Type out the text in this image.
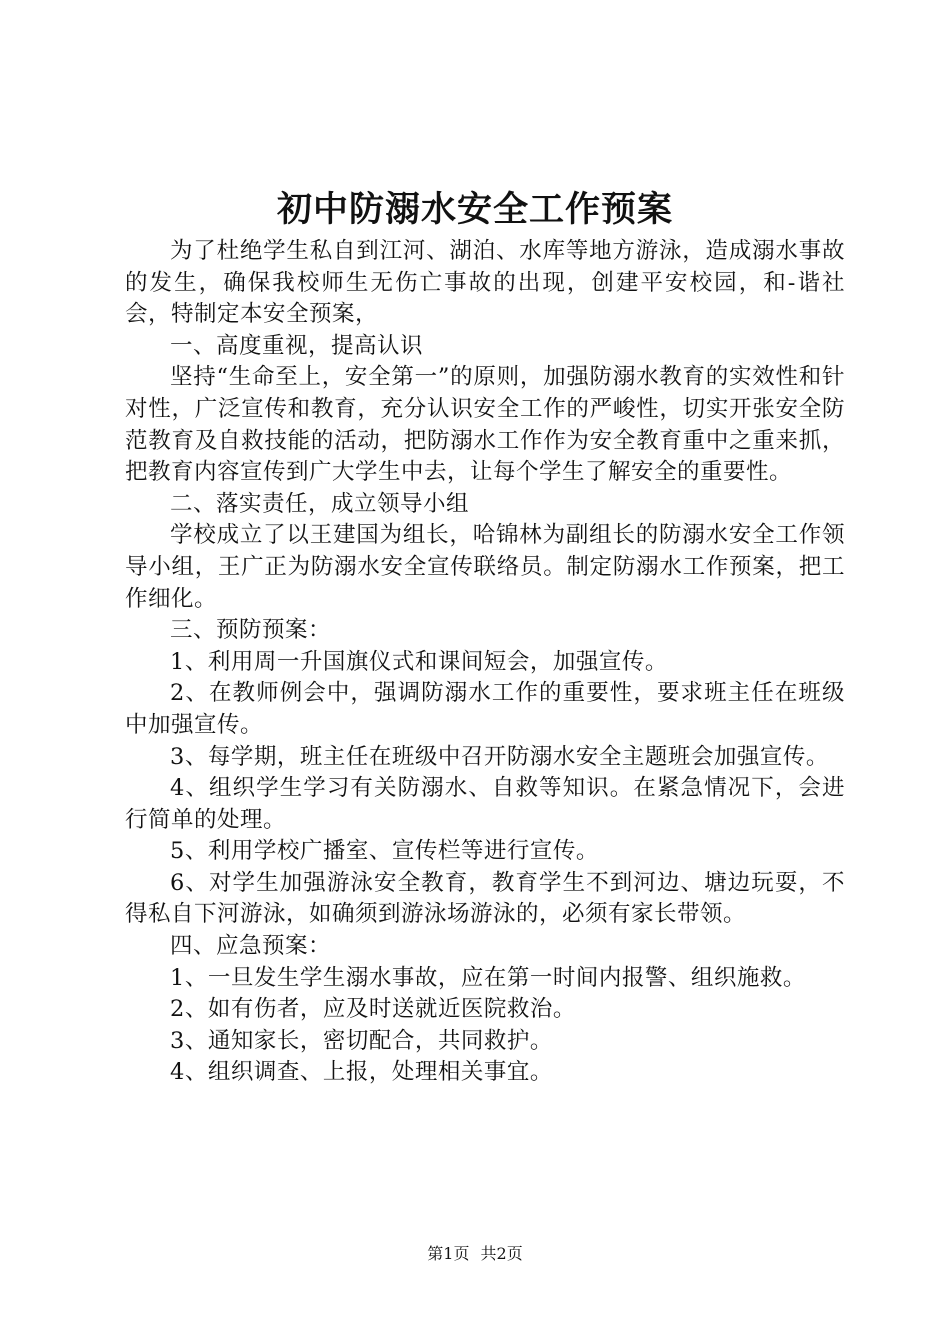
初中防溺水安全工作预案

为了杜绝学生私自到江河、湖泊、水库等地方游泳，造成溺水事故的发生，确保我校师生无伤亡事故的出现，创建平安校园，和-谐社会，特制定本安全预案，

一、高度重视，提高认识

坚持“生命至上，安全第一”的原则，加强防溺水教育的实效性和针对性，广泛宣传和教育，充分认识安全工作的严峻性，切实开张安全防范教育及自救技能的活动，把防溺水工作作为安全教育重中之重来抓，把教育内容宣传到广大学生中去，让每个学生了解安全的重要性。

二、落实责任，成立领导小组

学校成立了以王建国为组长，哈锦林为副组长的防溺水安全工作领导小组，王广正为防溺水安全宣传联络员。制定防溺水工作预案，把工作细化。

三、预防预案：

1、利用周一升国旗仪式和课间短会，加强宣传。

2、在教师例会中，强调防溺水工作的重要性，要求班主任在班级中加强宣传。

3、每学期，班主任在班级中召开防溺水安全主题班会加强宣传。

4、组织学生学习有关防溺水、自救等知识。在紧急情况下，会进行简单的处理。

5、利用学校广播室、宣传栏等进行宣传。

6、对学生加强游泳安全教育，教育学生不到河边、塘边玩耍，不得私自下河游泳，如确须到游泳场游泳的，必须有家长带领。

四、应急预案：

1、一旦发生学生溺水事故，应在第一时间内报警、组织施救。

2、如有伤者，应及时送就近医院救治。

3、通知家长，密切配合，共同救护。

4、组织调查、上报，处理相关事宜。

第1页 共2页
